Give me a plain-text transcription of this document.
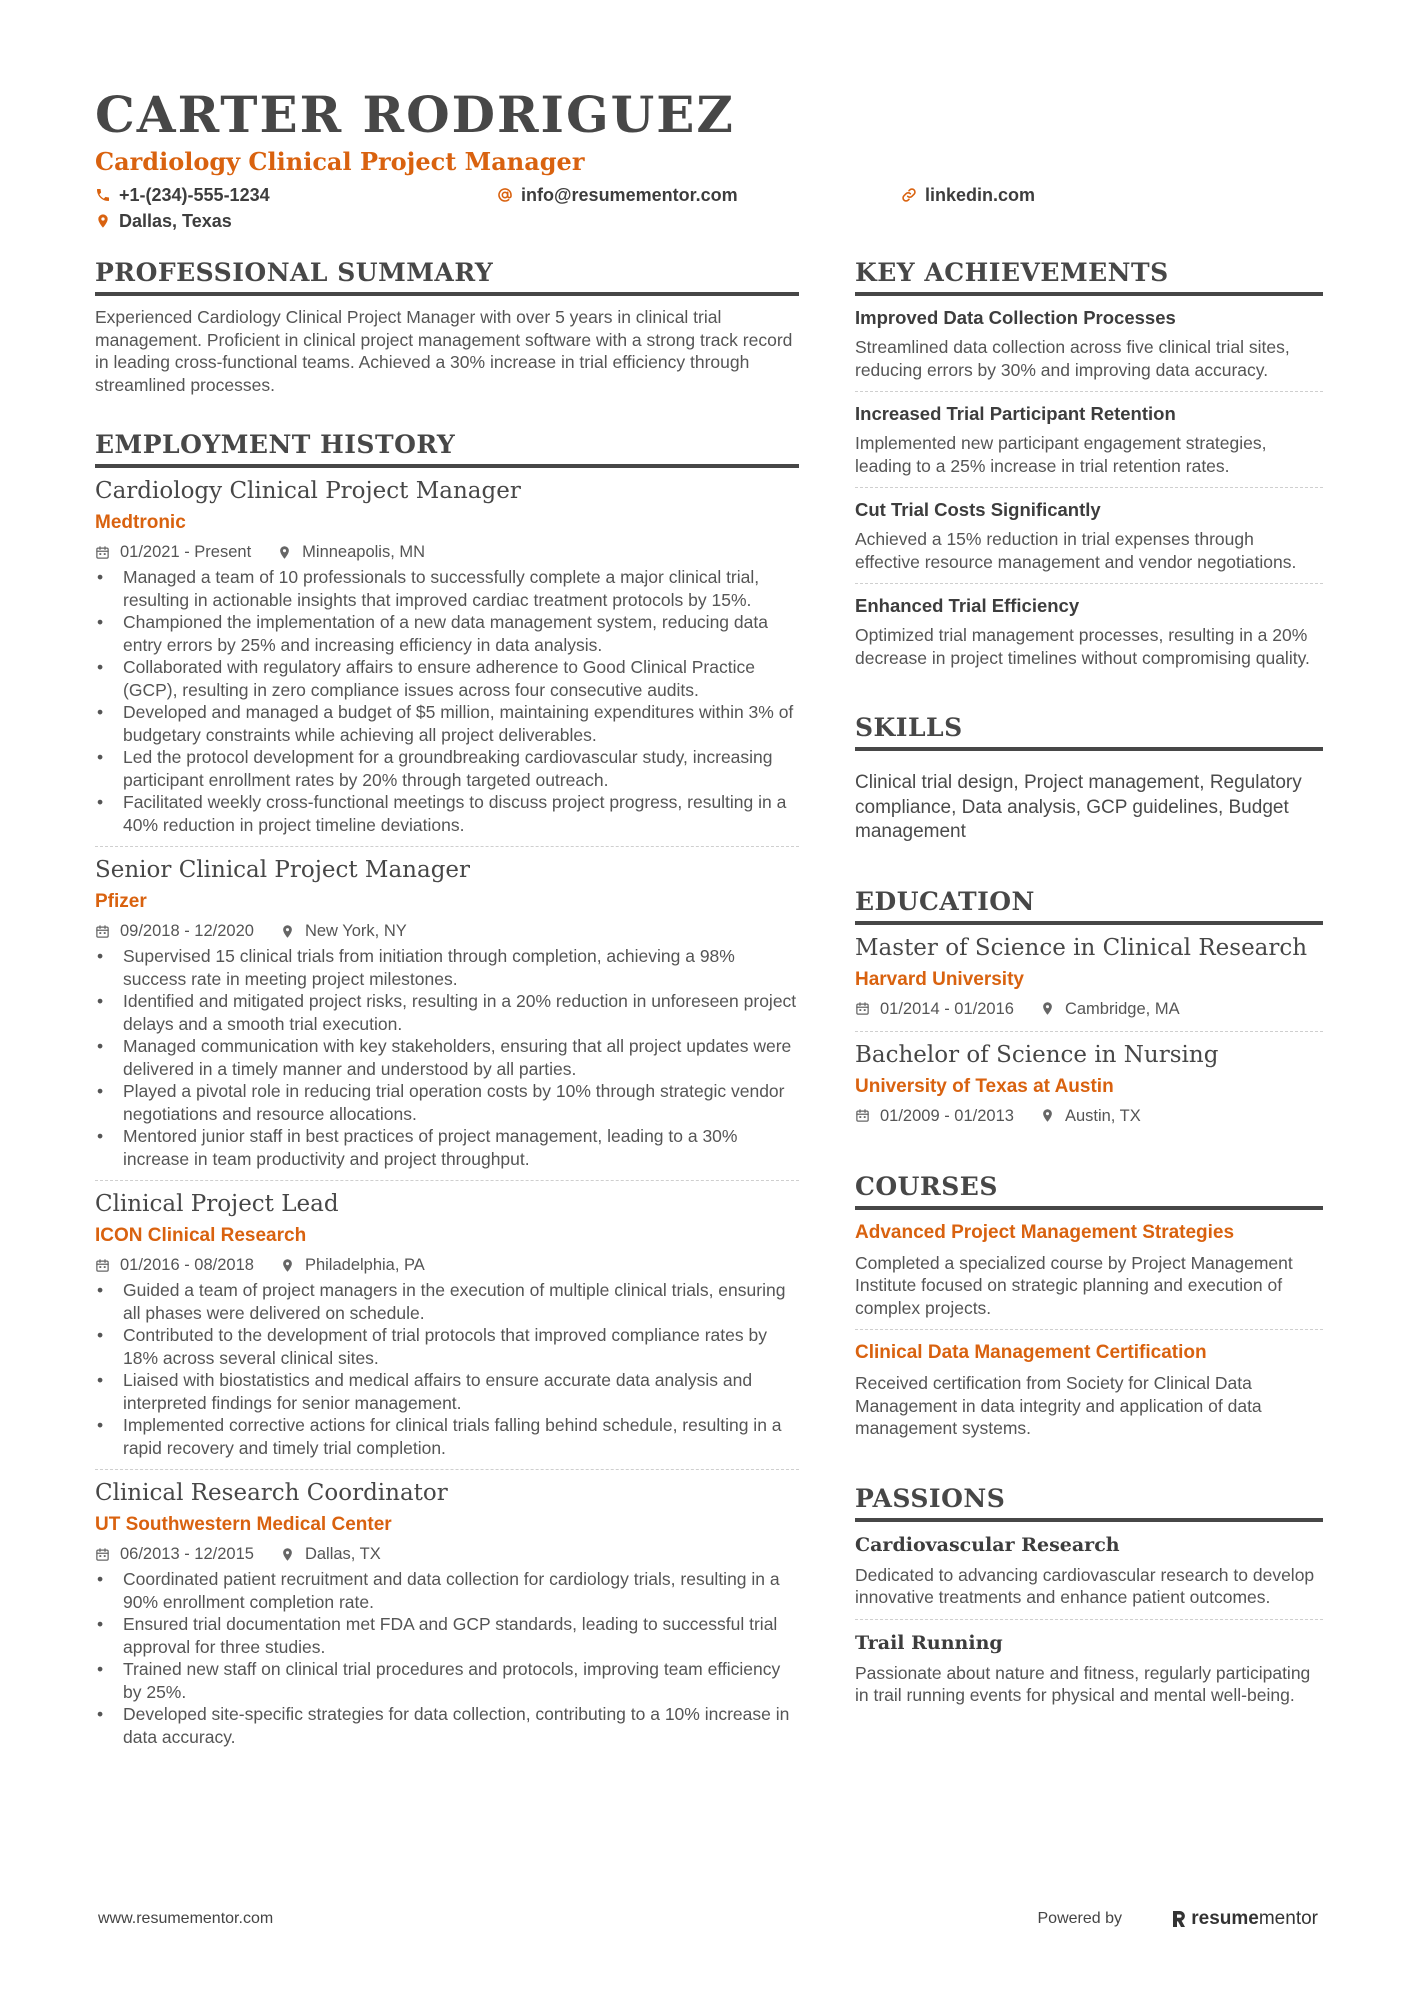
CARTER RODRIGUEZ
Cardiology Clinical Project Manager
+1-(234)-555-1234	info@resumementor.com	linkedin.com
Dallas, Texas
PROFESSIONAL SUMMARY
Experienced Cardiology Clinical Project Manager with over 5 years in clinical trial management. Proficient in clinical project management software with a strong track record in leading cross-functional teams. Achieved a 30% increase in trial efficiency through streamlined processes.
EMPLOYMENT HISTORY
Cardiology Clinical Project Manager
Medtronic
01/2021 - Present	Minneapolis, MN
• Managed a team of 10 professionals to successfully complete a major clinical trial, resulting in actionable insights that improved cardiac treatment protocols by 15%.
• Championed the implementation of a new data management system, reducing data entry errors by 25% and increasing efficiency in data analysis.
• Collaborated with regulatory affairs to ensure adherence to Good Clinical Practice (GCP), resulting in zero compliance issues across four consecutive audits.
• Developed and managed a budget of $5 million, maintaining expenditures within 3% of budgetary constraints while achieving all project deliverables.
• Led the protocol development for a groundbreaking cardiovascular study, increasing participant enrollment rates by 20% through targeted outreach.
• Facilitated weekly cross-functional meetings to discuss project progress, resulting in a 40% reduction in project timeline deviations.
Senior Clinical Project Manager
Pfizer
09/2018 - 12/2020	New York, NY
• Supervised 15 clinical trials from initiation through completion, achieving a 98% success rate in meeting project milestones.
• Identified and mitigated project risks, resulting in a 20% reduction in unforeseen project delays and a smooth trial execution.
• Managed communication with key stakeholders, ensuring that all project updates were delivered in a timely manner and understood by all parties.
• Played a pivotal role in reducing trial operation costs by 10% through strategic vendor negotiations and resource allocations.
• Mentored junior staff in best practices of project management, leading to a 30% increase in team productivity and project throughput.
Clinical Project Lead
ICON Clinical Research
01/2016 - 08/2018	Philadelphia, PA
• Guided a team of project managers in the execution of multiple clinical trials, ensuring all phases were delivered on schedule.
• Contributed to the development of trial protocols that improved compliance rates by 18% across several clinical sites.
• Liaised with biostatistics and medical affairs to ensure accurate data analysis and interpreted findings for senior management.
• Implemented corrective actions for clinical trials falling behind schedule, resulting in a rapid recovery and timely trial completion.
Clinical Research Coordinator
UT Southwestern Medical Center
06/2013 - 12/2015	Dallas, TX
• Coordinated patient recruitment and data collection for cardiology trials, resulting in a 90% enrollment completion rate.
• Ensured trial documentation met FDA and GCP standards, leading to successful trial approval for three studies.
• Trained new staff on clinical trial procedures and protocols, improving team efficiency by 25%.
• Developed site-specific strategies for data collection, contributing to a 10% increase in data accuracy.
KEY ACHIEVEMENTS
Improved Data Collection Processes
Streamlined data collection across five clinical trial sites, reducing errors by 30% and improving data accuracy.
Increased Trial Participant Retention
Implemented new participant engagement strategies, leading to a 25% increase in trial retention rates.
Cut Trial Costs Significantly
Achieved a 15% reduction in trial expenses through effective resource management and vendor negotiations.
Enhanced Trial Efficiency
Optimized trial management processes, resulting in a 20% decrease in project timelines without compromising quality.
SKILLS
Clinical trial design, Project management, Regulatory compliance, Data analysis, GCP guidelines, Budget management
EDUCATION
Master of Science in Clinical Research
Harvard University
01/2014 - 01/2016	Cambridge, MA
Bachelor of Science in Nursing
University of Texas at Austin
01/2009 - 01/2013	Austin, TX
COURSES
Advanced Project Management Strategies
Completed a specialized course by Project Management Institute focused on strategic planning and execution of complex projects.
Clinical Data Management Certification
Received certification from Society for Clinical Data Management in data integrity and application of data management systems.
PASSIONS
Cardiovascular Research
Dedicated to advancing cardiovascular research to develop innovative treatments and enhance patient outcomes.
Trail Running
Passionate about nature and fitness, regularly participating in trail running events for physical and mental well-being.
www.resumementor.com	Powered by	resume mentor
